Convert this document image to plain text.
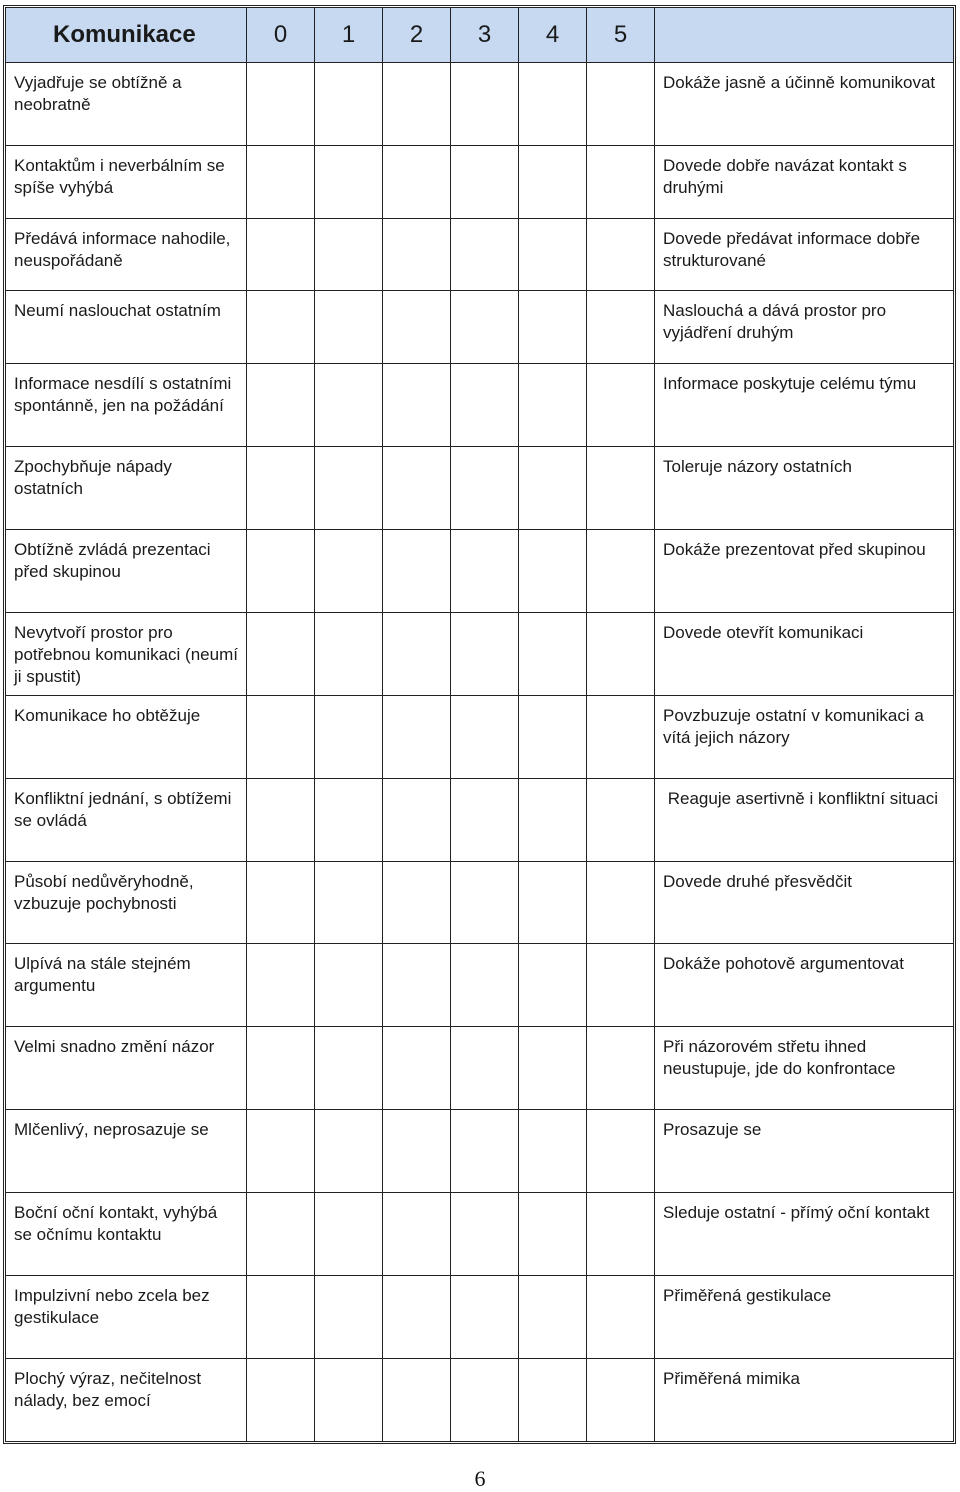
Komunikace	0	1	2	3	4	5	
Vyjadřuje se obtížně a neobratně							Dokáže jasně a účinně komunikovat
Kontaktům i neverbálním se spíše vyhýbá							Dovede dobře navázat kontakt s druhými
Předává informace nahodile, neuspořádaně							Dovede předávat informace dobře strukturované
Neumí naslouchat ostatním							Naslouchá a dává prostor pro vyjádření druhým
Informace nesdílí s ostatními spontánně, jen na požádání							Informace poskytuje celému týmu
Zpochybňuje nápady ostatních							Toleruje názory ostatních
Obtížně zvládá prezentaci před skupinou							Dokáže prezentovat před skupinou
Nevytvoří prostor pro potřebnou komunikaci (neumí ji spustit)							Dovede otevřít komunikaci
Komunikace ho obtěžuje							Povzbuzuje ostatní v komunikaci a vítá jejich názory
Konfliktní jednání, s obtížemi se ovládá							Reaguje asertivně i konfliktní situaci
Působí nedůvěryhodně, vzbuzuje pochybnosti							Dovede druhé přesvědčit
Ulpívá na stále stejném argumentu							Dokáže pohotově argumentovat
Velmi snadno změní názor							Při názorovém střetu ihned neustupuje, jde do konfrontace
Mlčenlivý, neprosazuje se							Prosazuje se
Boční oční kontakt, vyhýbá se očnímu kontaktu							Sleduje ostatní - přímý oční kontakt
Impulzivní nebo zcela bez gestikulace							Přiměřená gestikulace
Plochý výraz, nečitelnost nálady, bez emocí							Přiměřená mimika
6
